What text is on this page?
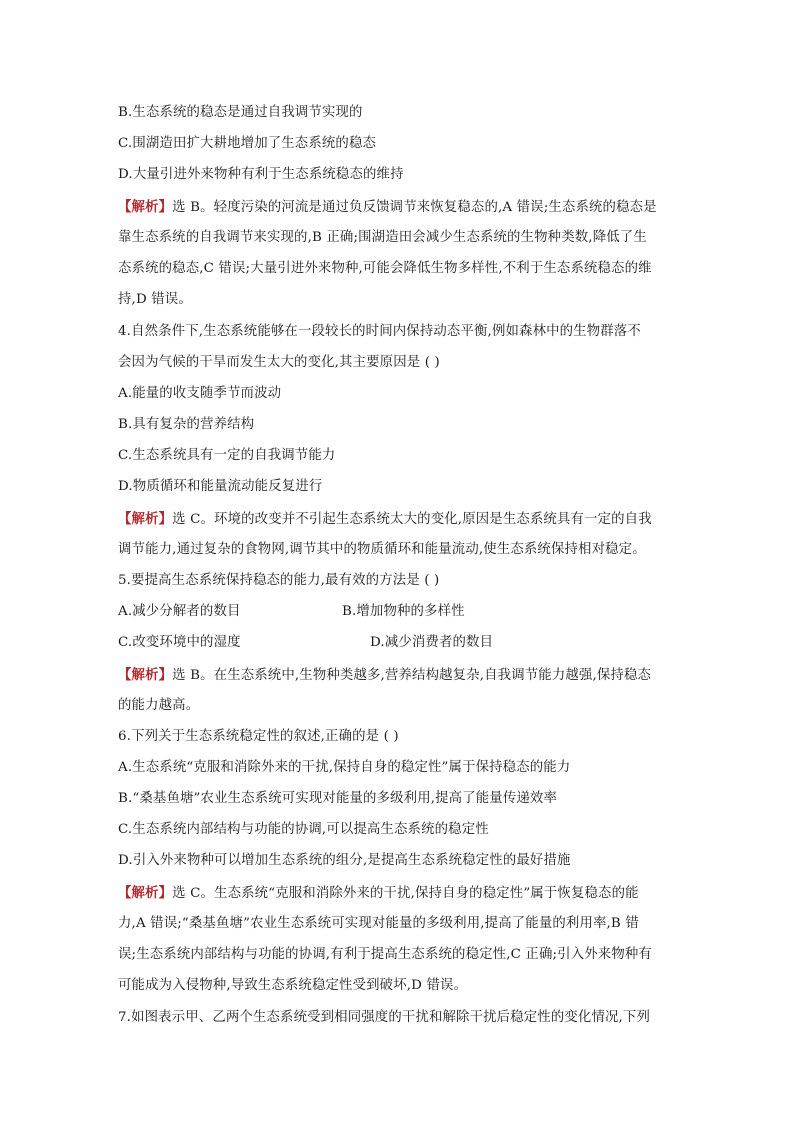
B.生态系统的稳态是通过自我调节实现的
C.围湖造田扩大耕地增加了生态系统的稳态
D.大量引进外来物种有利于生态系统稳态的维持
【解析】选 B。轻度污染的河流是通过负反馈调节来恢复稳态的,A 错误;生态系统的稳态是
靠生态系统的自我调节来实现的,B 正确;围湖造田会减少生态系统的生物种类数,降低了生
态系统的稳态,C 错误;大量引进外来物种,可能会降低生物多样性,不利于生态系统稳态的维
持,D 错误。
4.自然条件下,生态系统能够在一段较长的时间内保持动态平衡,例如森林中的生物群落不
会因为气候的干旱而发生太大的变化,其主要原因是 ( )
A.能量的收支随季节而波动
B.具有复杂的营养结构
C.生态系统具有一定的自我调节能力
D.物质循环和能量流动能反复进行
【解析】选 C。环境的改变并不引起生态系统太大的变化,原因是生态系统具有一定的自我
调节能力,通过复杂的食物网,调节其中的物质循环和能量流动,使生态系统保持相对稳定。
5.要提高生态系统保持稳态的能力,最有效的方法是 ( )
A.减少分解者的数目	B.增加物种的多样性
C.改变环境中的湿度	D.减少消费者的数目
【解析】选 B。在生态系统中,生物种类越多,营养结构越复杂,自我调节能力越强,保持稳态
的能力越高。
6.下列关于生态系统稳定性的叙述,正确的是 ( )
A.生态系统“克服和消除外来的干扰,保持自身的稳定性”属于保持稳态的能力
B.“桑基鱼塘”农业生态系统可实现对能量的多级利用,提高了能量传递效率
C.生态系统内部结构与功能的协调,可以提高生态系统的稳定性
D.引入外来物种可以增加生态系统的组分,是提高生态系统稳定性的最好措施
【解析】选 C。生态系统“克服和消除外来的干扰,保持自身的稳定性”属于恢复稳态的能
力,A 错误;“桑基鱼塘”农业生态系统可实现对能量的多级利用,提高了能量的利用率,B 错
误;生态系统内部结构与功能的协调,有利于提高生态系统的稳定性,C 正确;引入外来物种有
可能成为入侵物种,导致生态系统稳定性受到破坏,D 错误。
7.如图表示甲、乙两个生态系统受到相同强度的干扰和解除干扰后稳定性的变化情况,下列
